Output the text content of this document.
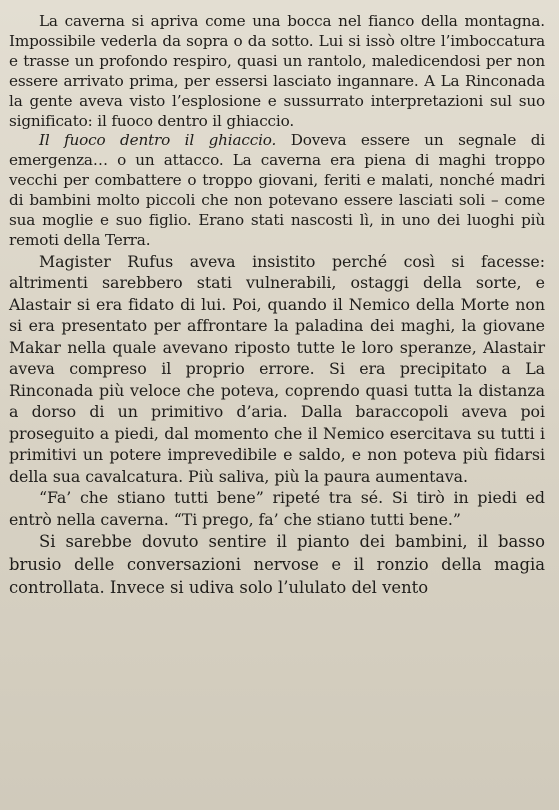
La caverna si apriva come una bocca nel fianco della montagna. Impossibile vederla da sopra o da sotto. Lui si issò oltre l’imboccatura e trasse un profondo respiro, quasi un rantolo, maledicendosi per non essere arrivato prima, per essersi lasciato ingannare. A La Rinconada la gente aveva visto l’esplosione e sussurrato interpretazioni sul suo significato: il fuoco dentro il ghiaccio.

Il fuoco dentro il ghiaccio. Doveva essere un segnale di emergenza… o un attacco. La caverna era piena di maghi troppo vecchi per combattere o troppo giovani, feriti e malati, nonché madri di bambini molto piccoli che non potevano essere lasciati soli – come sua moglie e suo figlio. Erano stati nascosti lì, in uno dei luoghi più remoti della Terra.

Magister Rufus aveva insistito perché così si facesse: altrimenti sarebbero stati vulnerabili, ostaggi della sorte, e Alastair si era fidato di lui. Poi, quando il Nemico della Morte non si era presentato per affrontare la paladina dei maghi, la giovane Makar nella quale avevano riposto tutte le loro speranze, Alastair aveva compreso il proprio errore. Si era precipitato a La Rinconada più veloce che poteva, coprendo quasi tutta la distanza a dorso di un primitivo d’aria. Dalla baraccopoli aveva poi proseguito a piedi, dal momento che il Nemico esercitava su tutti i primitivi un potere imprevedibile e saldo, e non poteva più fidarsi della sua cavalcatura. Più saliva, più la paura aumentava.

“Fa’ che stiano tutti bene” ripeté tra sé. Si tirò in piedi ed entrò nella caverna. “Ti prego, fa’ che stiano tutti bene.”

Si sarebbe dovuto sentire il pianto dei bambini, il basso brusio delle conversazioni nervose e il ronzio della magia controllata. Invece si udiva solo l’ululato del vento
